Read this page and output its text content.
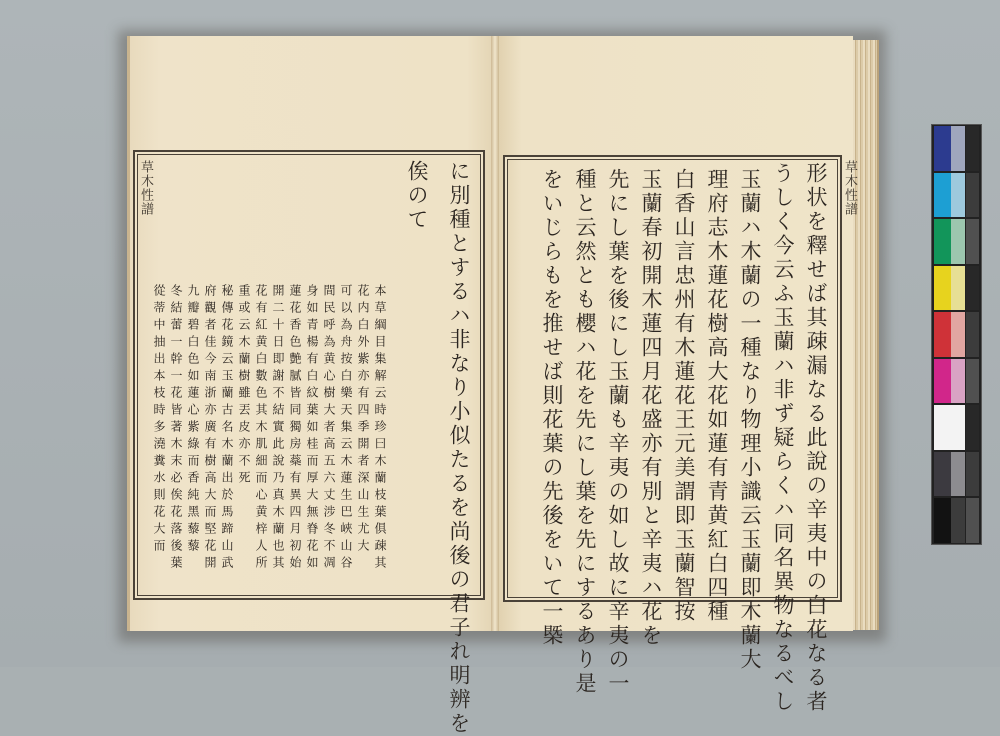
草木性譜	草木性譜
形状を釋せば其疎漏なる此說の辛夷中の白花なる者
うしく今云ふ玉蘭ハ非ず疑らくハ同名異物なるべし
玉蘭ハ木蘭の一種なり物理小識云玉蘭即木蘭大
理府志木蓮花樹高大花如蓮有青黄紅白四種
白香山言忠州有木蓮花王元美謂即玉蘭智按
玉蘭春初開木蓮四月花盛亦有別と辛夷ハ花を
先にし葉を後にし玉蘭も辛夷の如し故に辛夷の一
種と云然とも櫻ハ花を先にし葉を先にするあり是
をいじらもを推せば則花葉の先後をいて一槩
に別種とするハ非なり小似たるを尚後の君子れ明辨を
俟のて
本草綱目集解云時珍曰木蘭枝葉俱疎其
花内白外紫亦有四季開者深山生尤大
可以為舟按白樂天集云木蓮生巴峽山谷
間民呼為黄心樹大者高五六丈涉冬不凋
身如青楊有白紋葉如桂而厚大無脊花如
蓮花香色艶膩皆同獨房蘂有異四月初始
開二十日即謝不結實此說乃真木蘭也其
花有紅黄白數色其木肌細而心黄梓人所
重或云木蘭樹雖丟皮亦不死
秘傳花鏡云玉蘭古名木蘭出於馬蹄山武
府觀者佳今南浙亦廣有樹高大而堅花開
九瓣碧白色如蓮心紫綠而香純黑藜藜
冬結蕾一幹一花皆著木末必俟花落後葉
從蒂中抽出本枝時多澆糞水則花大而
